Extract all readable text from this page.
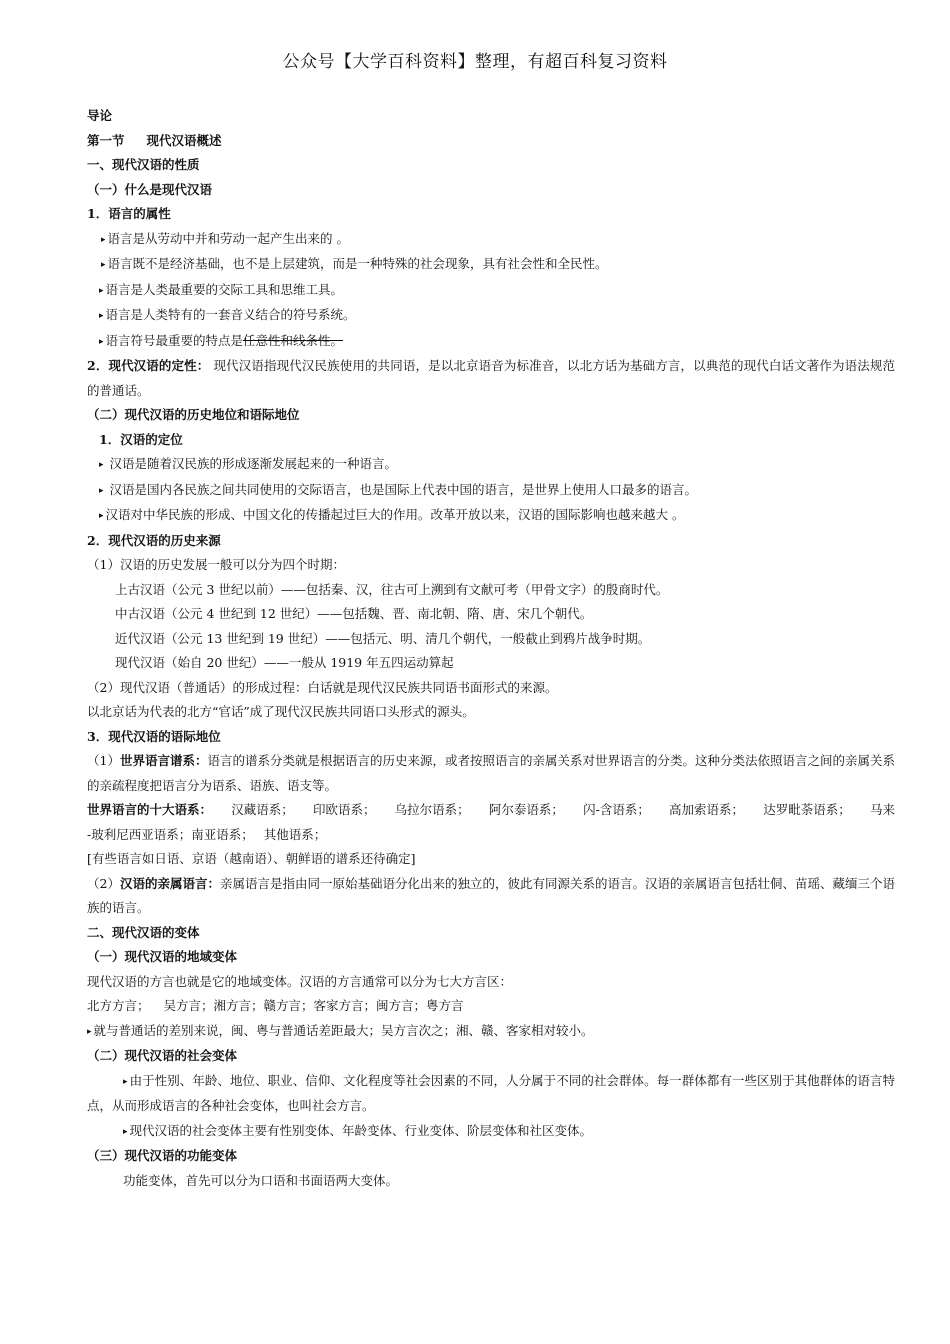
公众号【大学百科资料】整理，有超百科复习资料
导论
第一节 现代汉语概述
一、现代汉语的性质
（一）什么是现代汉语
1．语言的属性
▸ 语言是从劳动中并和劳动一起产生出来的 。
▸ 语言既不是经济基础，也不是上层建筑，而是一种特殊的社会现象，具有社会性和全民性。
▸ 语言是人类最重要的交际工具和思维工具。
▸ 语言是人类特有的一套音义结合的符号系统。
▸ 语言符号最重要的特点是任意性和线条性。
2．现代汉语的定性： 现代汉语指现代汉民族使用的共同语，是以北京语音为标准音，以北方话为基础方言，以典范的现代白话文著作为语法规范的普通话。
（二）现代汉语的历史地位和语际地位
1．汉语的定位
▸ 汉语是随着汉民族的形成逐渐发展起来的一种语言。
▸ 汉语是国内各民族之间共同使用的交际语言，也是国际上代表中国的语言，是世界上使用人口最多的语言。
▸ 汉语对中华民族的形成、中国文化的传播起过巨大的作用。改革开放以来，汉语的国际影响也越来越大 。
2．现代汉语的历史来源
（1）汉语的历史发展一般可以分为四个时期：
上古汉语（公元 3 世纪以前）——包括秦、汉，往古可上溯到有文献可考（甲骨文字）的殷商时代。
中古汉语（公元 4 世纪到 12 世纪）——包括魏、晋、南北朝、隋、唐、宋几个朝代。
近代汉语（公元 13 世纪到 19 世纪）——包括元、明、清几个朝代，一般截止到鸦片战争时期。
现代汉语（始自 20 世纪）——一般从 1919 年五四运动算起
（2）现代汉语（普通话）的形成过程：白话就是现代汉民族共同语书面形式的来源。
以北京话为代表的北方“官话”成了现代汉民族共同语口头形式的源头。
3．现代汉语的语际地位
（1）世界语言谱系：语言的谱系分类就是根据语言的历史来源，或者按照语言的亲属关系对世界语言的分类。这种分类法依照语言之间的亲属关系的亲疏程度把语言分为语系、语族、语支等。
世界语言的十大语系： 汉藏语系； 印欧语系； 乌拉尔语系； 阿尔泰语系； 闪-含语系； 高加索语系； 达罗毗荼语系； 马来
-玻利尼西亚语系；南亚语系； 其他语系；
[有些语言如日语、京语（越南语）、朝鲜语的谱系还待确定]
（2）汉语的亲属语言：亲属语言是指由同一原始基础语分化出来的独立的，彼此有同源关系的语言。汉语的亲属语言包括壮侗、苗瑶、藏缅三个语族的语言。
二、现代汉语的变体
（一）现代汉语的地域变体
现代汉语的方言也就是它的地域变体。汉语的方言通常可以分为七大方言区：
北方方言； 吴方言；湘方言；赣方言；客家方言；闽方言；粤方言
▸ 就与普通话的差别来说，闽、粤与普通话差距最大；吴方言次之；湘、赣、客家相对较小。
（二）现代汉语的社会变体
▸ 由于性别、年龄、地位、职业、信仰、文化程度等社会因素的不同，人分属于不同的社会群体。每一群体都有一些区别于其他群体的语言特点，从而形成语言的各种社会变体，也叫社会方言。
▸ 现代汉语的社会变体主要有性别变体、年龄变体、行业变体、阶层变体和社区变体。
（三）现代汉语的功能变体
功能变体，首先可以分为口语和书面语两大变体。
